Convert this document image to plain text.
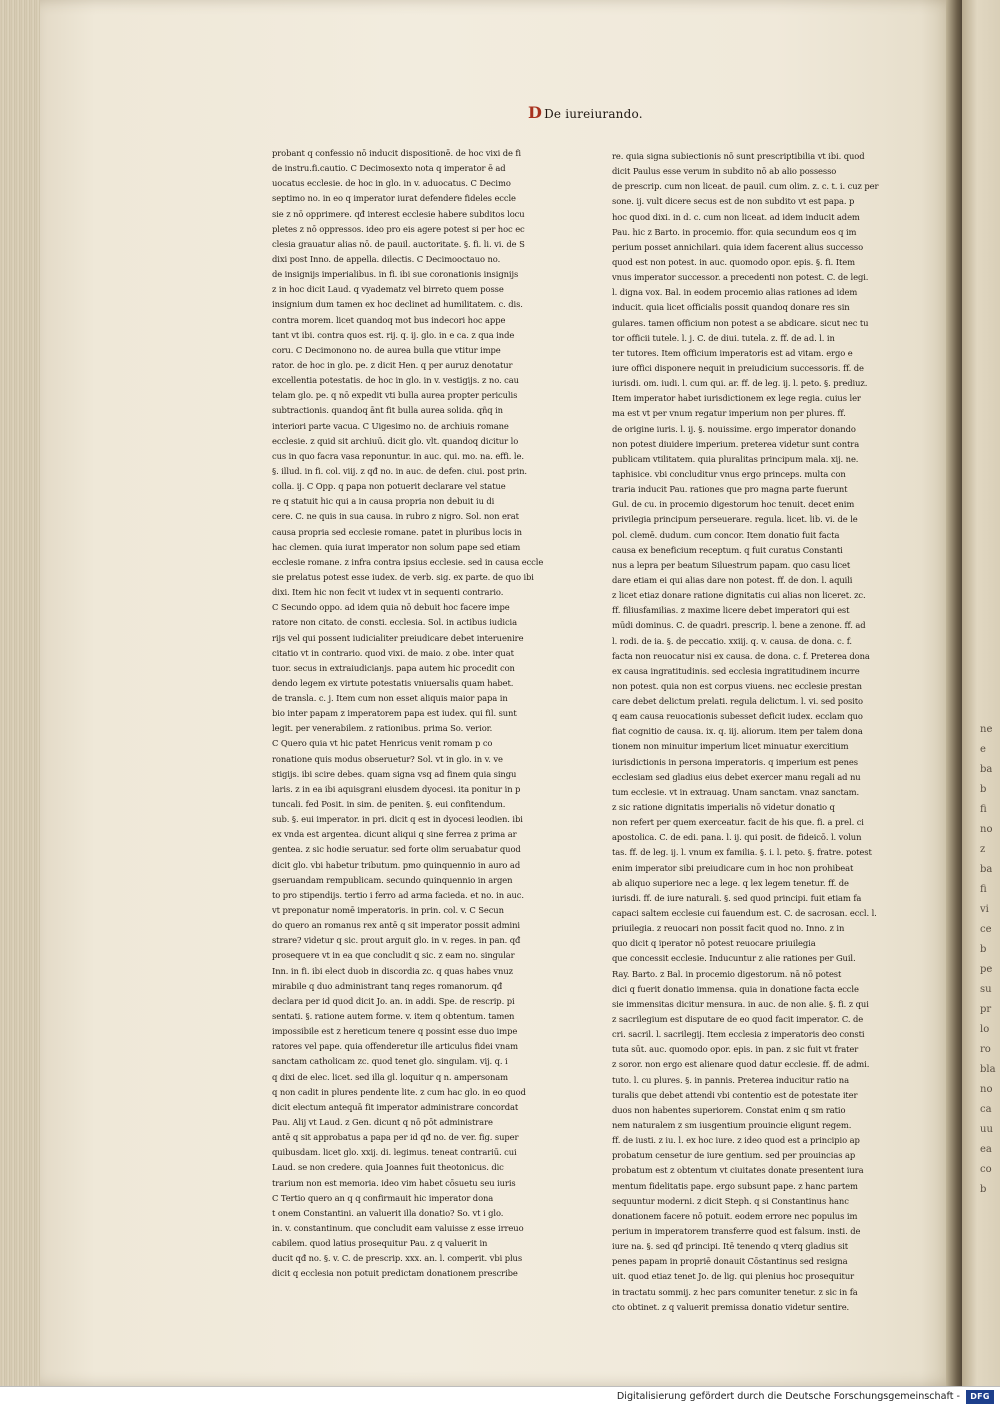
ne
e
ba
b
fi
no
z
ba
fi
vi
ce
b
pe
su
pr
lo
ro
bla
no
ca
uu
ea
co
b
D De iureiurando.
probant q confessio nō inducit dispositionē. de hoc vixi de fi
de instru.fi.cautio. C Decimosexto nota q imperator ē ad
uocatus ecclesie. de hoc in glo. in v. aduocatus. C Decimo
septimo no. in eo q imperator iurat defendere fideles eccle
sie z nō opprimere. qđ interest ecclesie habere subditos locu
pletes z nō oppressos. ideo pro eis agere potest si per hoc ec
clesia grauatur alias nō. de pauil. auctoritate. §. fi. li. vi. de S
dixi post Inno. de appella. dilectis. C Decimooctauo no.
de insignijs imperialibus. in fi. ibi sue coronationis insignijs
z in hoc dicit Laud. q vyadematz vel birreto quem posse
insignium dum tamen ex hoc declinet ad humilitatem. c. dis.
contra morem. licet quandoq mot bus indecori hoc appe
tant vt ibi. contra quos est. rij. q. ij. glo. in e ca. z qua inde
coru. C Decimonono no. de aurea bulla que vtitur impe
rator. de hoc in glo. pe. z dicit Hen. q per auruz denotatur
excellentia potestatis. de hoc in glo. in v. vestigijs. z no. cau
telam glo. pe. q nō expedit vti bulla aurea propter periculis
subtractionis. quandoq ānt fit bulla aurea solida. qñq in
interiori parte vacua. C Uigesimo no. de archiuis romane
ecclesie. z quid sit archiuū. dicit glo. vlt. quandoq dicitur lo
cus in quo facra vasa reponuntur. in auc. qui. mo. na. effi. le.
§. illud. in fi. col. viij. z qđ no. in auc. de defen. ciui. post prin.
colla. ij. C Opp. q papa non potuerit declarare vel statue
re q statuit hic qui a in causa propria non debuit iu di
cere. C. ne quis in sua causa. in rubro z nigro. Sol. non erat
causa propria sed ecclesie romane. patet in pluribus locis in
hac clemen. quia iurat imperator non solum pape sed etiam
ecclesie romane. z infra contra ipsius ecclesie. sed in causa eccle
sie prelatus potest esse iudex. de verb. sig. ex parte. de quo ibi
dixi. Item hic non fecit vt iudex vt in sequenti contrario.
C Secundo oppo. ad idem quia nō debuit hoc facere impe
ratore non citato. de consti. ecclesia. Sol. in actibus iudicia
rijs vel qui possent iudicialiter preiudicare debet interuenire
citatio vt in contrario. quod vixi. de maio. z obe. inter quat
tuor. secus in extraiudicianjs. papa autem hic procedit con
dendo legem ex virtute potestatis vniuersalis quam habet.
de transla. c. j. Item cum non esset aliquis maior papa in
bio inter papam z imperatorem papa est iudex. qui fil. sunt
legit. per venerabilem. z rationibus. prima So. verior.
C Quero quia vt hic patet Henricus venit romam p co
ronatione quis modus obseruetur? Sol. vt in glo. in v. ve
stigijs. ibi scire debes. quam signa vsq ad finem quia singu
laris. z in ea ibi aquisgrani eiusdem dyocesi. ita ponitur in p
tuncali. fed Posit. in sim. de peniten. §. eui confitendum.
sub. §. eui imperator. in pri. dicit q est in dyocesi leodien. ibi
ex vnda est argentea. dicunt aliqui q sine ferrea z prima ar
gentea. z sic hodie seruatur. sed forte olim seruabatur quod
dicit glo. vbi habetur tributum. pmo quinquennio in auro ad
gseruandam rempublicam. secundo quinquennio in argen
to pro stipendijs. tertio i ferro ad arma facieda. et no. in auc.
vt preponatur nomē imperatoris. in prin. col. v. C Secun
do quero an romanus rex antē q sit imperator possit admini
strare? videtur q sic. prout arguit glo. in v. reges. in pan. qđ
prosequere vt in ea que concludit q sic. z eam no. singular
Inn. in fi. ibi elect duob in discordia zc. q quas habes vnuz
mirabile q duo administrant tanq reges romanorum. qđ
declara per id quod dicit Jo. an. in addi. Spe. de rescrip. pi
sentati. §. ratione autem forme. v. item q obtentum. tamen
impossibile est z hereticum tenere q possint esse duo impe
ratores vel pape. quia offenderetur ille articulus fidei vnam
sanctam catholicam zc. quod tenet glo. singulam. vij. q. i
q dixi de elec. licet. sed illa gl. loquitur q n. ampersonam
q non cadit in plures pendente lite. z cum hac glo. in eo quod
dicit electum antequā fit imperator administrare concordat
Pau. Alij vt Laud. z Gen. dicunt q nō pōt administrare
antē q sit approbatus a papa per id qđ no. de ver. fig. super
quibusdam. licet glo. xxij. di. legimus. teneat contrariū. cui
Laud. se non credere. quia Joannes fuit theotonicus. dic
trarium non est memoria. ideo vim habet cōsuetu seu iuris
C Tertio quero an q q confirmauit hic imperator dona
t onem Constantini. an valuerit illa donatio? So. vt i glo.
in. v. constantinum. que concludit eam valuisse z esse irreuo
cabilem. quod latius prosequitur Pau. z q valuerit in
ducit qđ no. §. v. C. de prescrip. xxx. an. l. comperit. vbi plus
dicit q ecclesia non potuit predictam donationem prescribe
re. quia signa subiectionis nō sunt prescriptibilia vt ibi. quod
dicit Paulus esse verum in subdito nō ab alio possesso
de prescrip. cum non liceat. de pauil. cum olim. z. c. t. i. cuz per
sone. ij. vult dicere secus est de non subdito vt est papa. p
hoc quod dixi. in d. c. cum non liceat. ad idem inducit adem
Pau. hic z Barto. in procemio. ffor. quia secundum eos q im
perium posset annichilari. quia idem facerent alius successo
quod est non potest. in auc. quomodo opor. epis. §. fi. Item
vnus imperator successor. a precedenti non potest. C. de legi.
l. digna vox. Bal. in eodem procemio alias rationes ad idem
inducit. quia licet officialis possit quandoq donare res sin
gulares. tamen officium non potest a se abdicare. sicut nec tu
tor officii tutele. l. j. C. de diui. tutela. z. ff. de ad. l. in
ter tutores. Item officium imperatoris est ad vitam. ergo e
iure offici disponere nequit in preiudicium successoris. ff. de
iurisdi. om. iudi. l. cum qui. ar. ff. de leg. ij. l. peto. §. prediuz.
Item imperator habet iurisdictionem ex lege regia. cuius ler
ma est vt per vnum regatur imperium non per plures. ff.
de origine iuris. l. ij. §. nouissime. ergo imperator donando
non potest diuidere imperium. preterea videtur sunt contra
publicam vtilitatem. quia pluralitas principum mala. xij. ne.
taphisice. vbi concluditur vnus ergo princeps. multa con
traria inducit Pau. rationes que pro magna parte fuerunt
Gul. de cu. in procemio digestorum hoc tenuit. decet enim
privilegia principum perseuerare. regula. licet. lib. vi. de le
pol. clemē. dudum. cum concor. Item donatio fuit facta
causa ex beneficium receptum. q fuit curatus Constanti
nus a lepra per beatum Siluestrum papam. quo casu licet
dare etiam ei qui alias dare non potest. ff. de don. l. aquili
z licet etiaz donare ratione dignitatis cui alias non liceret. zc.
ff. filiusfamilias. z maxime licere debet imperatori qui est
mūdi dominus. C. de quadri. prescrip. l. bene a zenone. ff. ad
l. rodi. de ia. §. de peccatio. xxiij. q. v. causa. de dona. c. f.
facta non reuocatur nisi ex causa. de dona. c. f. Preterea dona
ex causa ingratitudinis. sed ecclesia ingratitudinem incurre
non potest. quia non est corpus viuens. nec ecclesie prestan
care debet delictum prelati. regula delictum. l. vi. sed posito
q eam causa reuocationis subesset deficit iudex. ecclam quo
fiat cognitio de causa. ix. q. iij. aliorum. item per talem dona
tionem non minuitur imperium licet minuatur exercitium
iurisdictionis in persona imperatoris. q imperium est penes
ecclesiam sed gladius eius debet exercer manu regali ad nu
tum ecclesie. vt in extrauag. Unam sanctam. vnaz sanctam.
z sic ratione dignitatis imperialis nō videtur donatio q
non refert per quem exerceatur. facit de his que. fi. a prel. ci
apostolica. C. de edi. pana. l. ij. qui posit. de fideicō. l. volun
tas. ff. de leg. ij. l. vnum ex familia. §. i. l. peto. §. fratre. potest
enim imperator sibi preiudicare cum in hoc non prohibeat
ab aliquo superiore nec a lege. q lex legem tenetur. ff. de
iurisdi. ff. de iure naturali. §. sed quod principi. fuit etiam fa
capaci saltem ecclesie cui fauendum est. C. de sacrosan. eccl. l.
priuilegia. z reuocari non possit facit quod no. Inno. z in
quo dicit q iperator nō potest reuocare priuilegia
que concessit ecclesie. Inducuntur z alie rationes per Guil.
Ray. Barto. z Bal. in procemio digestorum. nā nō potest
dici q fuerit donatio immensa. quia in donatione facta eccle
sie immensitas dicitur mensura. in auc. de non alie. §. fi. z qui
z sacrilegium est disputare de eo quod facit imperator. C. de
cri. sacril. l. sacrilegij. Item ecclesia z imperatoris deo consti
tuta sūt. auc. quomodo opor. epis. in pan. z sic fuit vt frater
z soror. non ergo est alienare quod datur ecclesie. ff. de admi.
tuto. l. cu plures. §. in pannis. Preterea inducitur ratio na
turalis que debet attendi vbi contentio est de potestate iter
duos non habentes superiorem. Constat enim q sm ratio
nem naturalem z sm iusgentium prouincie eligunt regem.
ff. de iusti. z iu. l. ex hoc iure. z ideo quod est a principio ap
probatum censetur de iure gentium. sed per prouincias ap
probatum est z obtentum vt ciuitates donate presentent iura
mentum fidelitatis pape. ergo subsunt pape. z hanc partem
sequuntur moderni. z dicit Steph. q si Constantinus hanc
donationem facere nō potuit. eodem errore nec populus im
perium in imperatorem transferre quod est falsum. insti. de
iure na. §. sed qđ principi. Itē tenendo q vterq gladius sit
penes papam in propriē donauit Cōstantinus sed resigna
uit. quod etiaz tenet Jo. de lig. qui plenius hoc prosequitur
in tractatu sommij. z hec pars comuniter tenetur. z sic in fa
cto obtinet. z q valuerit premissa donatio videtur sentire.
Digitalisierung gefördert durch die Deutsche Forschungsgemeinschaft -	DFG
